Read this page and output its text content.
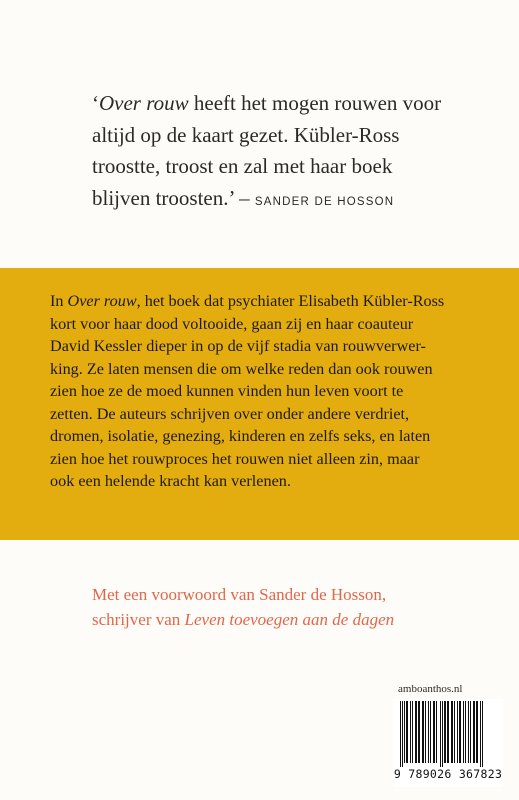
‘Over rouw heeft het mogen rouwen voor
altijd op de kaart gezet. Kübler-Ross
troostte, troost en zal met haar boek
blijven troosten.’ – SANDER DE HOSSON

In Over rouw, het boek dat psychiater Elisabeth Kübler-Ross
kort voor haar dood voltooide, gaan zij en haar coauteur
David Kessler dieper in op de vijf stadia van rouwverwer-
king. Ze laten mensen die om welke reden dan ook rouwen
zien hoe ze de moed kunnen vinden hun leven voort te
zetten. De auteurs schrijven over onder andere verdriet,
dromen, isolatie, genezing, kinderen en zelfs seks, en laten
zien hoe het rouwproces het rouwen niet alleen zin, maar
ook een helende kracht kan verlenen.

Met een voorwoord van Sander de Hosson,
schrijver van Leven toevoegen aan de dagen

amboanthos.nl
9 789026 367823
